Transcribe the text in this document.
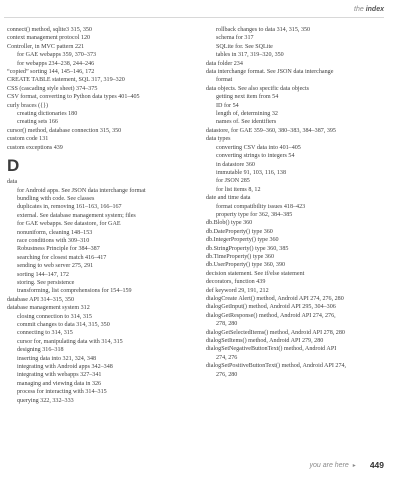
the index
connect() method, sqlite3 315, 350
context management protocol 120
Controller, in MVC pattern 221
for GAE webapps 359, 370–373
for webapps 234–238, 244–246
“copied” sorting 144, 145–146, 172
CREATE TABLE statement, SQL 317, 319–320
CSS (cascading style sheet) 374–375
CSV format, converting to Python data types 401–405
curly braces ({})
creating dictionaries 180
creating sets 166
cursor() method, database connection 315, 350
custom code 131
custom exceptions 439
D
data
for Android apps. See JSON data interchange format
bundling with code. See classes
duplicates in, removing 161–163, 166–167
external. See database management system; files
for GAE webapps. See datastore, for GAE
nonuniform, cleaning 148–153
race conditions with 309–310
Robustness Principle for 384–387
searching for closest match 416–417
sending to web server 275, 291
sorting 144–147, 172
storing. See persistence
transforming, list comprehensions for 154–159
database API 314–315, 350
database management system 312
closing connection to 314, 315
commit changes to data 314, 315, 350
connecting to 314, 315
cursor for, manipulating data with 314, 315
designing 316–318
inserting data into 321, 324, 348
integrating with Android apps 342–348
integrating with webapps 327–341
managing and viewing data in 326
process for interacting with 314–315
querying 322, 332–333
rollback changes to data 314, 315, 350
schema for 317
SQLite for. See SQLite
tables in 317, 319–320, 350
data folder 234
data interchange format. See JSON data interchange
format
data objects. See also specific data objects
getting next item from 54
ID for 54
length of, determining 32
names of. See identifiers
datastore, for GAE 359–360, 380–383, 384–387, 395
data types
converting CSV data into 401–405
converting strings to integers 54
in datastore 360
immutable 91, 103, 116, 138
for JSON 285
for list items 8, 12
date and time data
format compatibility issues 418–423
property type for 362, 384–385
db.Blob() type 360
db.DateProperty() type 360
db.IntegerProperty() type 360
db.StringProperty() type 360, 385
db.TimeProperty() type 360
db.UserProperty() type 360, 390
decision statement. See if/else statement
decorators, function 439
def keyword 29, 191, 212
dialogCreate Alert() method, Android API 274, 276, 280
dialogGetInput() method, Android API 295, 304–306
dialogGetResponse() method, Android API 274, 276,
278, 280
dialogGetSelectedItems() method, Android API 278, 280
dialogSetItems() method, Android API 279, 280
dialogSetNegativeButtonText() method, Android API
274, 276
dialogSetPositiveButtonText() method, Android API 274,
276, 280
you are here ▸ 449
